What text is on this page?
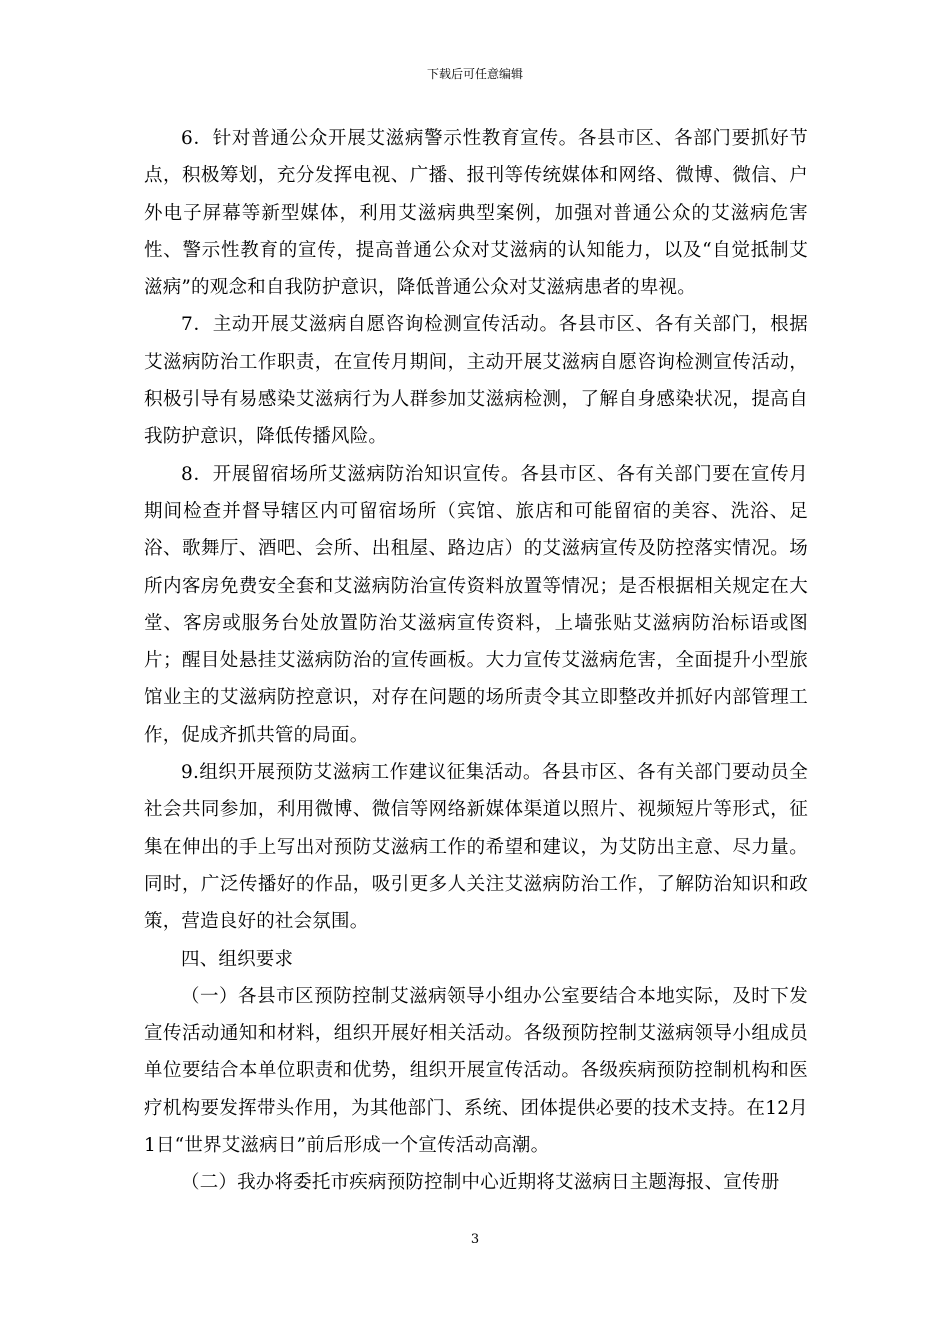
下载后可任意编辑

6．针对普通公众开展艾滋病警示性教育宣传。各县市区、各部门要抓好节点，积极筹划，充分发挥电视、广播、报刊等传统媒体和网络、微博、微信、户外电子屏幕等新型媒体，利用艾滋病典型案例，加强对普通公众的艾滋病危害性、警示性教育的宣传，提高普通公众对艾滋病的认知能力，以及“自觉抵制艾滋病”的观念和自我防护意识，降低普通公众对艾滋病患者的卑视。

7．主动开展艾滋病自愿咨询检测宣传活动。各县市区、各有关部门，根据艾滋病防治工作职责，在宣传月期间，主动开展艾滋病自愿咨询检测宣传活动，积极引导有易感染艾滋病行为人群参加艾滋病检测，了解自身感染状况，提高自我防护意识，降低传播风险。

8．开展留宿场所艾滋病防治知识宣传。各县市区、各有关部门要在宣传月期间检查并督导辖区内可留宿场所（宾馆、旅店和可能留宿的美容、洗浴、足浴、歌舞厅、酒吧、会所、出租屋、路边店）的艾滋病宣传及防控落实情况。场所内客房免费安全套和艾滋病防治宣传资料放置等情况；是否根据相关规定在大堂、客房或服务台处放置防治艾滋病宣传资料，上墙张贴艾滋病防治标语或图片；醒目处悬挂艾滋病防治的宣传画板。大力宣传艾滋病危害，全面提升小型旅馆业主的艾滋病防控意识，对存在问题的场所责令其立即整改并抓好内部管理工作，促成齐抓共管的局面。

9.组织开展预防艾滋病工作建议征集活动。各县市区、各有关部门要动员全社会共同参加，利用微博、微信等网络新媒体渠道以照片、视频短片等形式，征集在伸出的手上写出对预防艾滋病工作的希望和建议，为艾防出主意、尽力量。同时，广泛传播好的作品，吸引更多人关注艾滋病防治工作，了解防治知识和政策，营造良好的社会氛围。

四、组织要求

（一）各县市区预防控制艾滋病领导小组办公室要结合本地实际，及时下发宣传活动通知和材料，组织开展好相关活动。各级预防控制艾滋病领导小组成员单位要结合本单位职责和优势，组织开展宣传活动。各级疾病预防控制机构和医疗机构要发挥带头作用，为其他部门、系统、团体提供必要的技术支持。在12月1日“世界艾滋病日”前后形成一个宣传活动高潮。

（二）我办将委托市疾病预防控制中心近期将艾滋病日主题海报、宣传册

3
